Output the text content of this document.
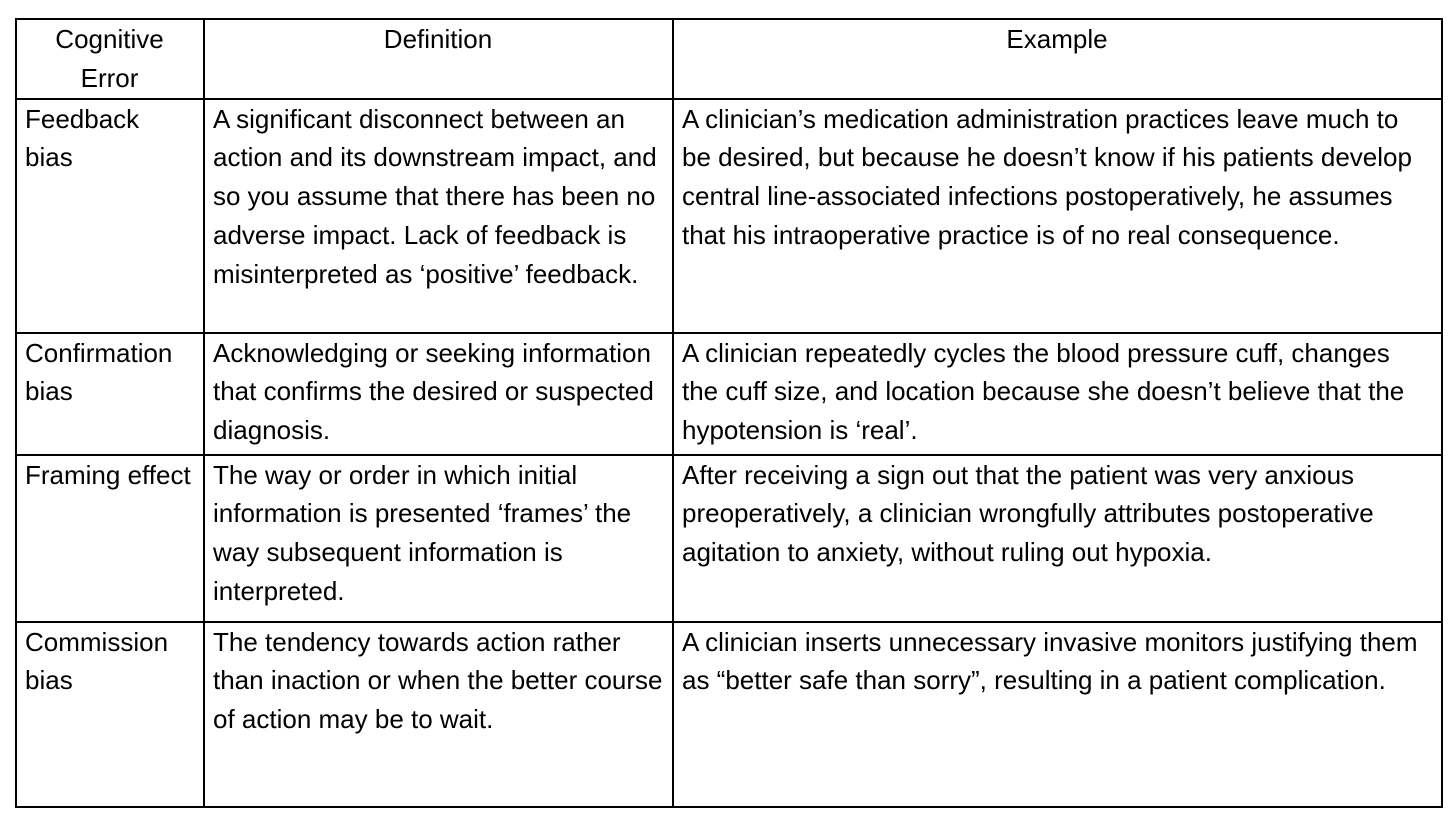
Cognitive Error	Definition	Example
Feedback bias	A significant disconnect between an action and its downstream impact, and so you assume that there has been no adverse impact. Lack of feedback is misinterpreted as ‘positive’ feedback.	A clinician’s medication administration practices leave much to be desired, but because he doesn’t know if his patients develop central line-associated infections postoperatively, he assumes that his intraoperative practice is of no real consequence.
Confirmation bias	Acknowledging or seeking information that confirms the desired or suspected diagnosis.	A clinician repeatedly cycles the blood pressure cuff, changes the cuff size, and location because she doesn’t believe that the hypotension is ‘real’.
Framing effect	The way or order in which initial information is presented ‘frames’ the way subsequent information is interpreted.	After receiving a sign out that the patient was very anxious preoperatively, a clinician wrongfully attributes postoperative agitation to anxiety, without ruling out hypoxia.
Commission bias	The tendency towards action rather than inaction or when the better course of action may be to wait.	A clinician inserts unnecessary invasive monitors justifying them as “better safe than sorry”, resulting in a patient complication.
